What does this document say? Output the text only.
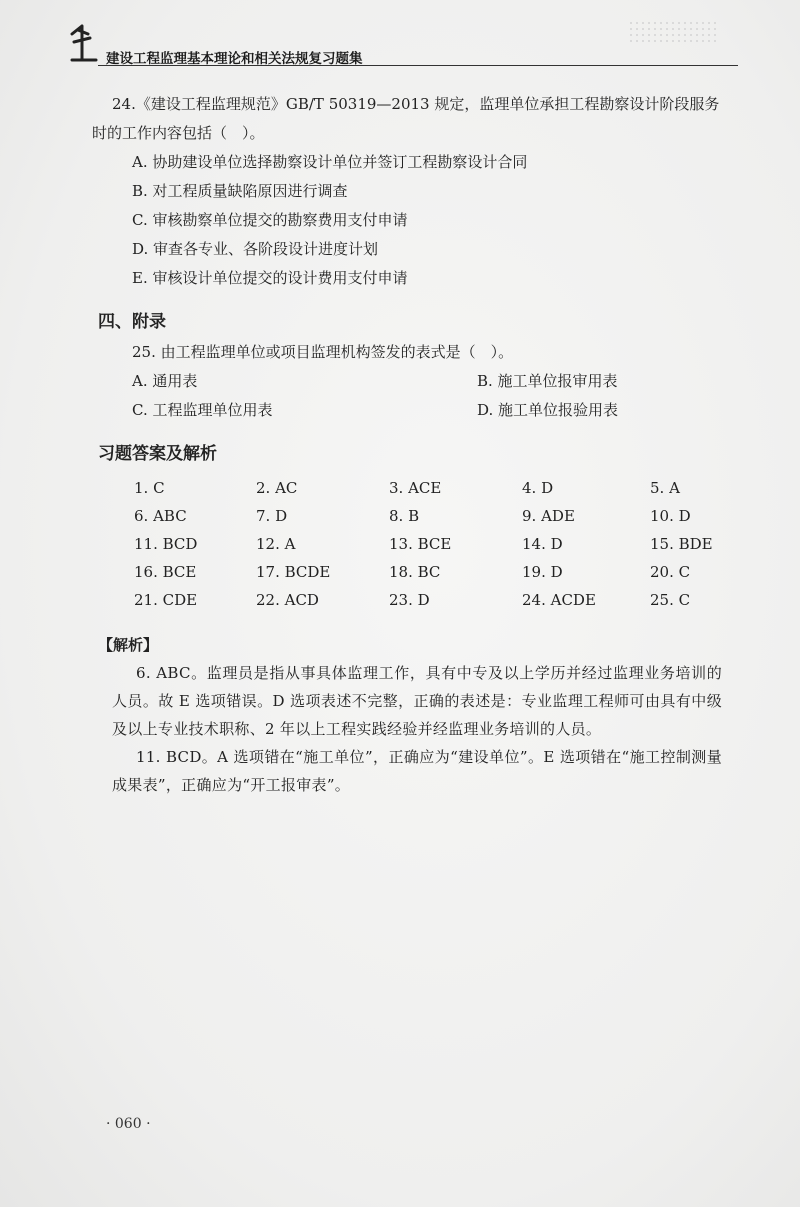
建设工程监理基本理论和相关法规复习题集

24.《建设工程监理规范》GB/T 50319—2013 规定，监理单位承担工程勘察设计阶段服务时的工作内容包括（　）。

A. 协助建设单位选择勘察设计单位并签订工程勘察设计合同

B. 对工程质量缺陷原因进行调查

C. 审核勘察单位提交的勘察费用支付申请

D. 审查各专业、各阶段设计进度计划

E. 审核设计单位提交的设计费用支付申请

四、附录

25. 由工程监理单位或项目监理机构签发的表式是（　）。

A. 通用表	B. 施工单位报审用表
C. 工程监理单位用表	D. 施工单位报验用表
习题答案及解析
1. C	2. AC	3. ACE	4. D	5. A
6. ABC	7. D	8. B	9. ADE	10. D
11. BCD	12. A	13. BCE	14. D	15. BDE
16. BCE	17. BCDE	18. BC	19. D	20. C
21. CDE	22. ACD	23. D	24. ACDE	25. C
【解析】

6. ABC。监理员是指从事具体监理工作，具有中专及以上学历并经过监理业务培训的人员。故 E 选项错误。D 选项表述不完整，正确的表述是：专业监理工程师可由具有中级及以上专业技术职称、2 年以上工程实践经验并经监理业务培训的人员。

11. BCD。A 选项错在“施工单位”，正确应为“建设单位”。E 选项错在“施工控制测量成果表”，正确应为“开工报审表”。

· 060 ·
